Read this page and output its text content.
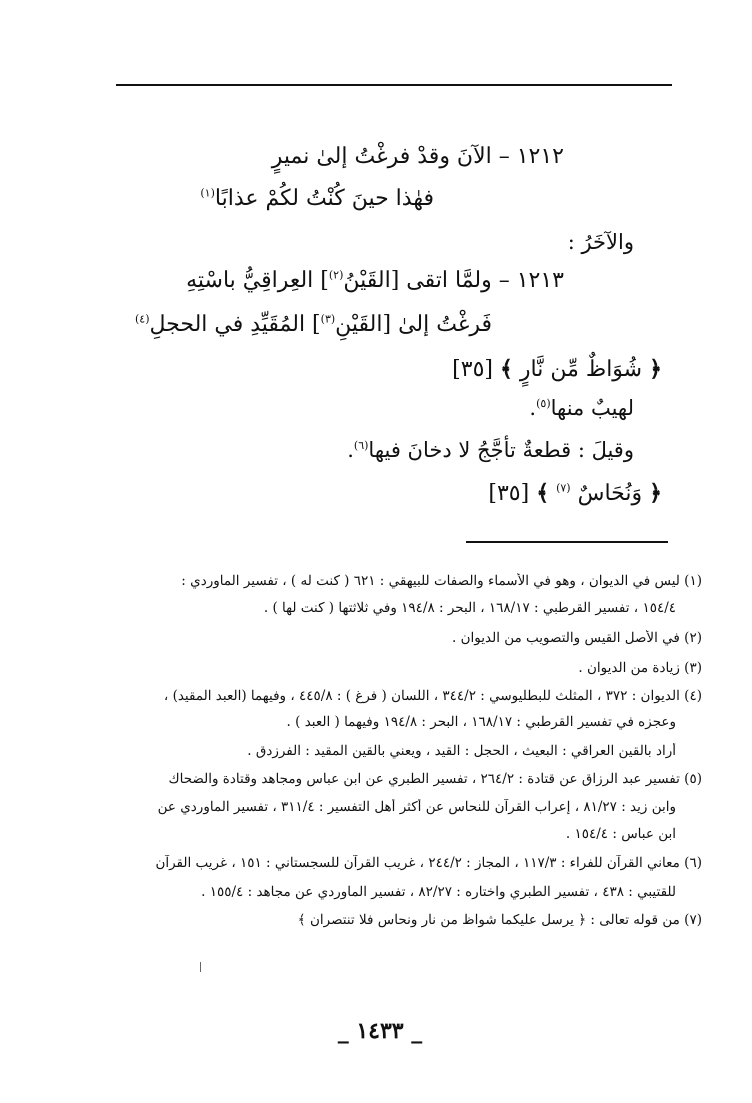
١٢١٢ – الآنَ وقدْ فرغْتُ إلىٰ نميرٍ
فهٰذا حينَ كُنْتُ لكُمْ عذابًا$^{(١)}$
والآخَرُ :
١٢١٣ – ولمَّا اتقى [القَيْنُ$^{(٢)}$] العِراقِيُّ باسْتِهِ
فَرغْتُ إلىٰ [القَيْنِ$^{(٣)}$] المُقَيِّدِ في الحجلِ$^{(٤)}$
﴿ شُوَاظٌ مِّن نَّارٍ ﴾ [٣٥]
لهيبٌ منها$^{(٥)}$.
وقيلَ : قطعةٌ تأجَّجُ لا دخانَ فيها$^{(٦)}$.
﴿ وَنُحَاسٌ $^{(٧)}$ ﴾ [٣٥]
(١) ليس في الديوان ، وهو في الأسماء والصفات للبيهقي : ٦٢١ ( كنت له ) ، تفسير الماوردي :
١٥٤/٤ ، تفسير القرطبي : ١٦٨/١٧ ، البحر : ١٩٤/٨ وفي ثلاثتها ( كنت لها ) .
(٢) في الأصل القيس والتصويب من الديوان .
(٣) زيادة من الديوان .
(٤) الديوان : ٣٧٢ ، المثلث للبطليوسي : ٣٤٤/٢ ، اللسان ( فرغ ) : ٤٤٥/٨ ، وفيهما (العبد المقيد) ،
وعجزه في تفسير القرطبي : ١٦٨/١٧ ، البحر : ١٩٤/٨ وفيهما ( العبد ) .
أراد بالقين العراقي : البعيث ، الحجل : القيد ، ويعني بالقين المقيد : الفرزدق .
(٥) تفسير عبد الرزاق عن قتادة : ٢٦٤/٢ ، تفسير الطبري عن ابن عباس ومجاهد وقتادة والضحاك
وابن زيد : ٨١/٢٧ ، إعراب القرآن للنحاس عن أكثر أهل التفسير : ٣١١/٤ ، تفسير الماوردي عن
ابن عباس : ١٥٤/٤ .
(٦) معاني القرآن للفراء : ١١٧/٣ ، المجاز : ٢٤٤/٢ ، غريب القرآن للسجستاني : ١٥١ ، غريب القرآن
للقتيبي : ٤٣٨ ، تفسير الطبري واختاره : ٨٢/٢٧ ، تفسير الماوردي عن مجاهد : ١٥٥/٤ .
(٧) من قوله تعالى : ﴿ يرسل عليكما شواظ من نار ونحاس فلا تنتصران ﴾
_ ١٤٣٣ _
